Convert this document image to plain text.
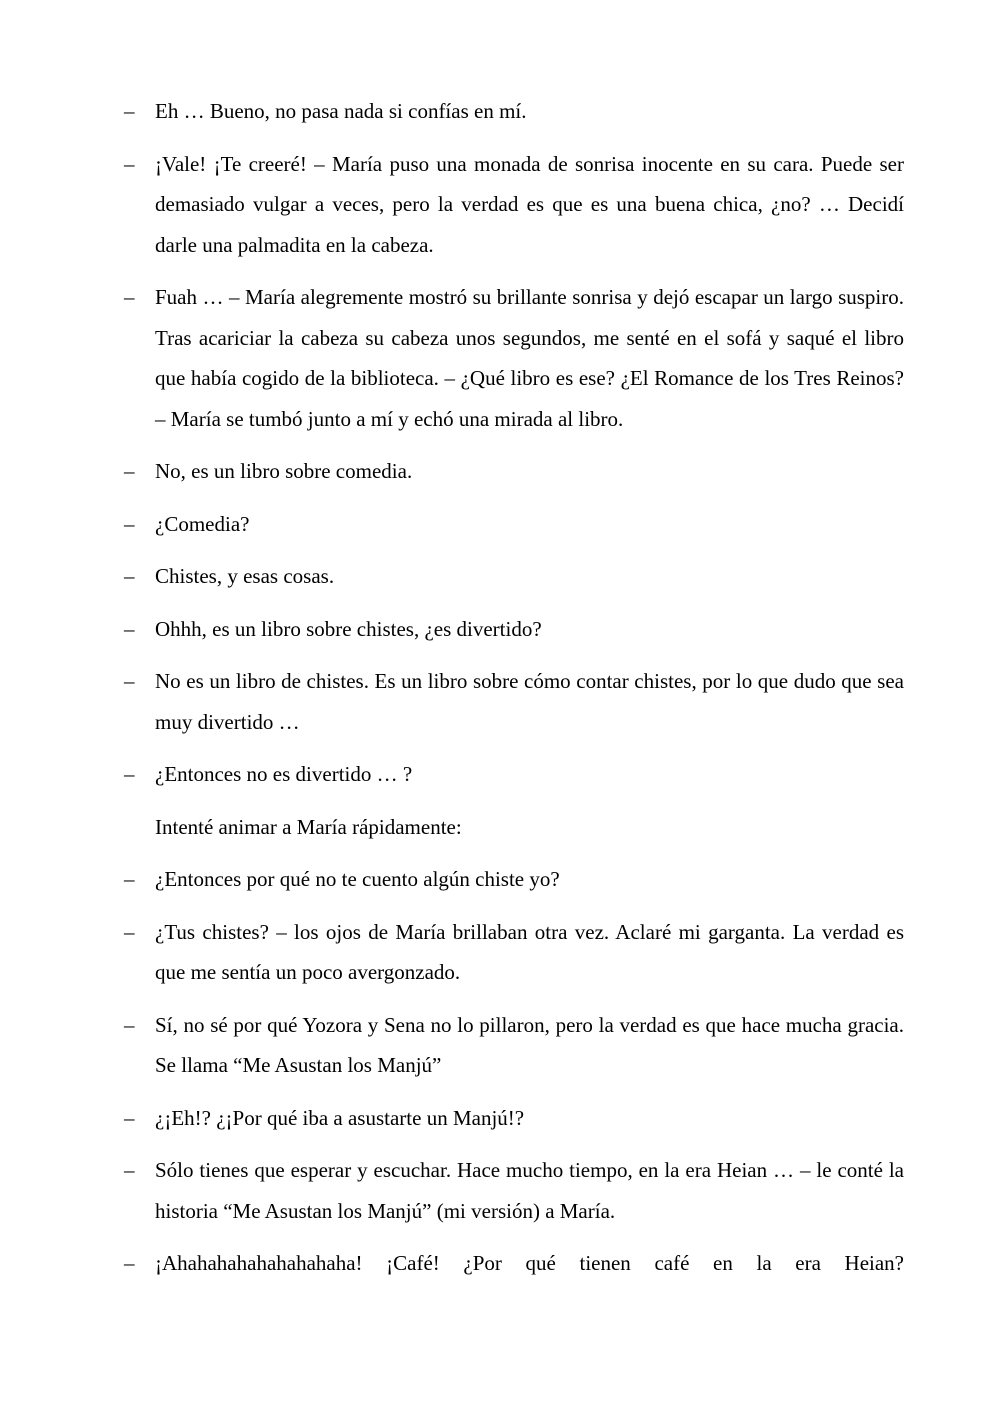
– Eh … Bueno, no pasa nada si confías en mí.

– ¡Vale! ¡Te creeré! – María puso una monada de sonrisa inocente en su cara. Puede ser demasiado vulgar a veces, pero la verdad es que es una buena chica, ¿no? … Decidí darle una palmadita en la cabeza.

– Fuah … – María alegremente mostró su brillante sonrisa y dejó escapar un largo suspiro. Tras acariciar la cabeza su cabeza unos segundos, me senté en el sofá y saqué el libro que había cogido de la biblioteca. – ¿Qué libro es ese? ¿El Romance de los Tres Reinos? – María se tumbó junto a mí y echó una mirada al libro.

– No, es un libro sobre comedia.

– ¿Comedia?

– Chistes, y esas cosas.

– Ohhh, es un libro sobre chistes, ¿es divertido?

– No es un libro de chistes. Es un libro sobre cómo contar chistes, por lo que dudo que sea muy divertido …

– ¿Entonces no es divertido … ?

Intenté animar a María rápidamente:

– ¿Entonces por qué no te cuento algún chiste yo?

– ¿Tus chistes? – los ojos de María brillaban otra vez. Aclaré mi garganta. La verdad es que me sentía un poco avergonzado.

– Sí, no sé por qué Yozora y Sena no lo pillaron, pero la verdad es que hace mucha gracia. Se llama “Me Asustan los Manjú”

– ¿¡Eh!? ¿¡Por qué iba a asustarte un Manjú!?

– Sólo tienes que esperar y escuchar. Hace mucho tiempo, en la era Heian … – le conté la historia “Me Asustan los Manjú” (mi versión) a María.

– ¡Ahahahahahahahahaha! ¡Café! ¿Por qué tienen café en la era Heian?
